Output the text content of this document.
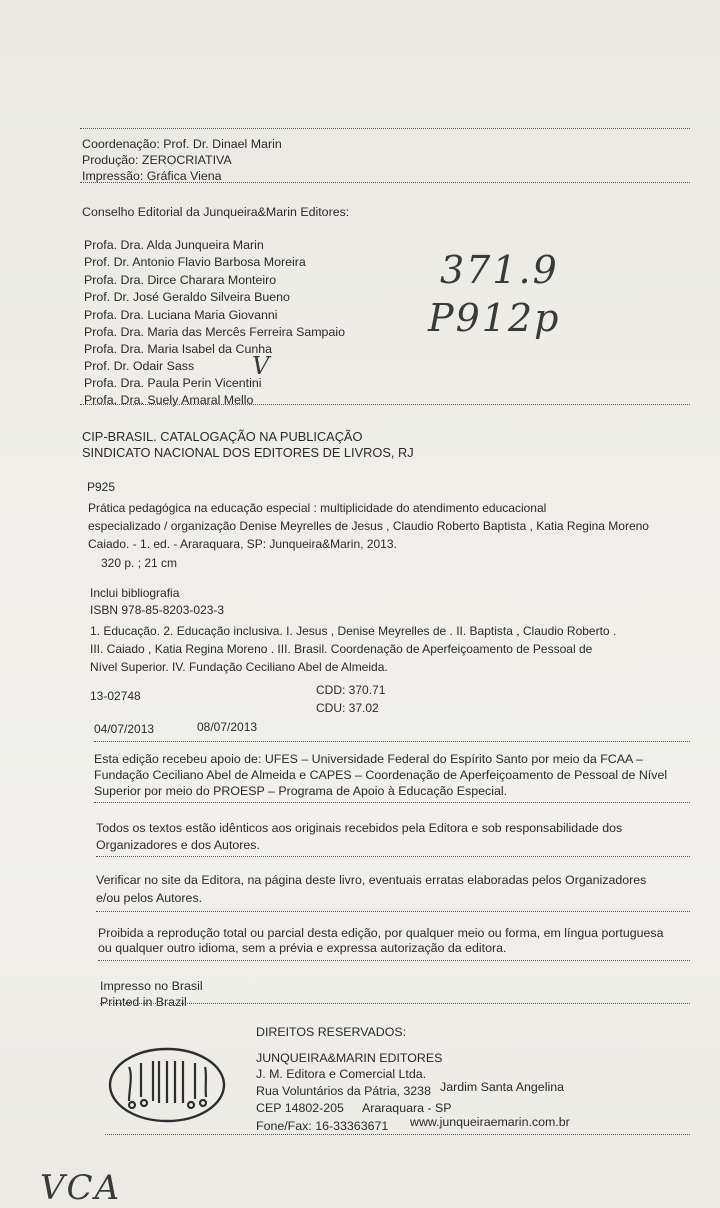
Coordenação: Prof. Dr. Dinael Marin
Produção: ZEROCRIATIVA
Impressão: Gráfica Viena
Conselho Editorial da Junqueira&Marin Editores:
Profa. Dra. Alda Junqueira Marin
Prof. Dr. Antonio Flavio Barbosa Moreira
Profa. Dra. Dirce Charara Monteiro
Prof. Dr. José Geraldo Silveira Bueno
Profa. Dra. Luciana Maria Giovanni
Profa. Dra. Maria das Mercês Ferreira Sampaio
Profa. Dra. Maria Isabel da Cunha
Prof. Dr. Odair Sass
Profa. Dra. Paula Perin Vicentini
Profa. Dra. Suely Amaral Mello
371.9
P912p
V
CIP-BRASIL. CATALOGAÇÃO NA PUBLICAÇÃO
SINDICATO NACIONAL DOS EDITORES DE LIVROS, RJ
P925
Prática pedagógica na educação especial : multiplicidade do atendimento educacional
especializado / organização Denise Meyrelles de Jesus , Claudio Roberto Baptista , Katia Regina Moreno
Caiado. - 1. ed. - Araraquara, SP: Junqueira&Marin, 2013.
320 p. ; 21 cm
Inclui bibliografia
ISBN 978-85-8203-023-3
1. Educação. 2. Educação inclusiva. I. Jesus , Denise Meyrelles de . II. Baptista , Claudio Roberto .
III. Caiado , Katia Regina Moreno . III. Brasil. Coordenação de Aperfeiçoamento de Pessoal de
Nível Superior. IV. Fundação Ceciliano Abel de Almeida.
13-02748	CDD: 370.71
CDU: 37.02
04/07/2013	08/07/2013
Esta edição recebeu apoio de: UFES – Universidade Federal do Espírito Santo por meio da FCAA –
Fundação Ceciliano Abel de Almeida e CAPES – Coordenação de Aperfeiçoamento de Pessoal de Nível
Superior por meio do PROESP – Programa de Apoio à Educação Especial.
Todos os textos estão idênticos aos originais recebidos pela Editora e sob responsabilidade dos
Organizadores e dos Autores.
Verificar no site da Editora, na página deste livro, eventuais erratas elaboradas pelos Organizadores
e/ou pelos Autores.
Proibida a reprodução total ou parcial desta edição, por qualquer meio ou forma, em língua portuguesa
ou qualquer outro idioma, sem a prévia e expressa autorização da editora.
Impresso no Brasil
Printed in Brazil
DIREITOS RESERVADOS:
JUNQUEIRA&MARIN EDITORES
J. M. Editora e Comercial Ltda.
Rua Voluntários da Pátria, 3238 Jardim Santa Angelina
CEP 14802-205 Araraquara - SP
Fone/Fax: 16-33363671 www.junqueiraemarin.com.br
VCA
